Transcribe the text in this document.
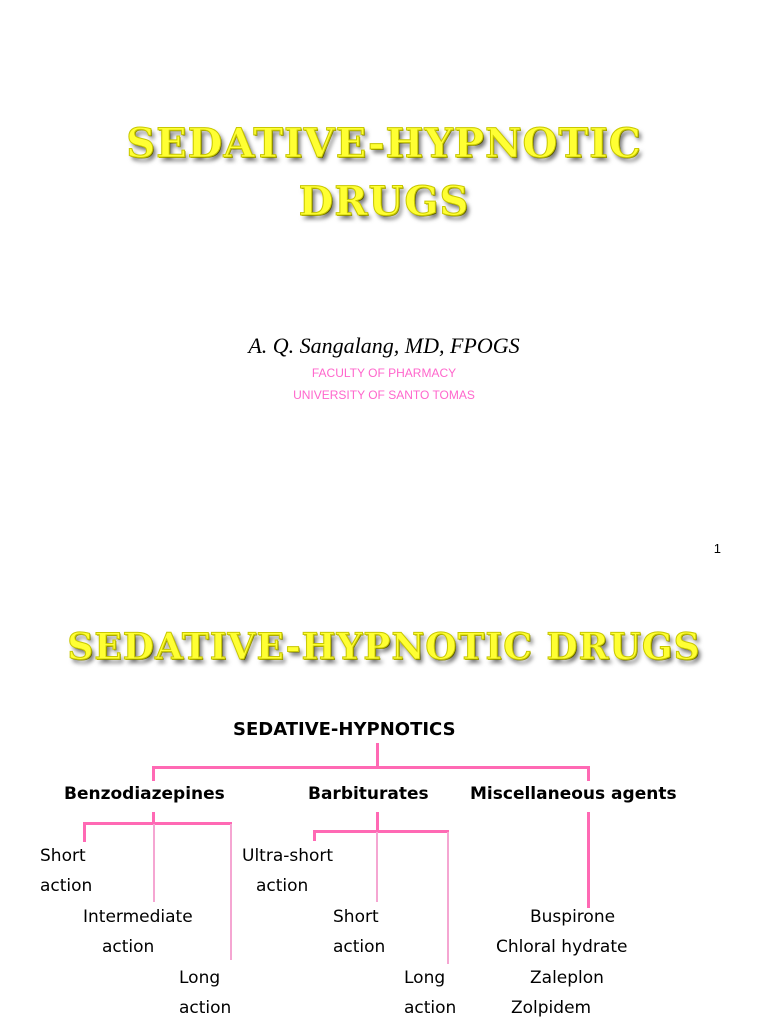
SEDATIVE-HYPNOTIC
DRUGS
A. Q. Sangalang, MD, FPOGS
FACULTY OF PHARMACY
UNIVERSITY OF SANTO TOMAS
1
SEDATIVE-HYPNOTIC DRUGS
SEDATIVE-HYPNOTICS
Benzodiazepines	Barbiturates Miscellaneous agents
Short
action
Intermediate
action
Long
action
Ultra-short
action
Short
action
Long
action
Buspirone
Chloral hydrate
Zaleplon
Zolpidem
